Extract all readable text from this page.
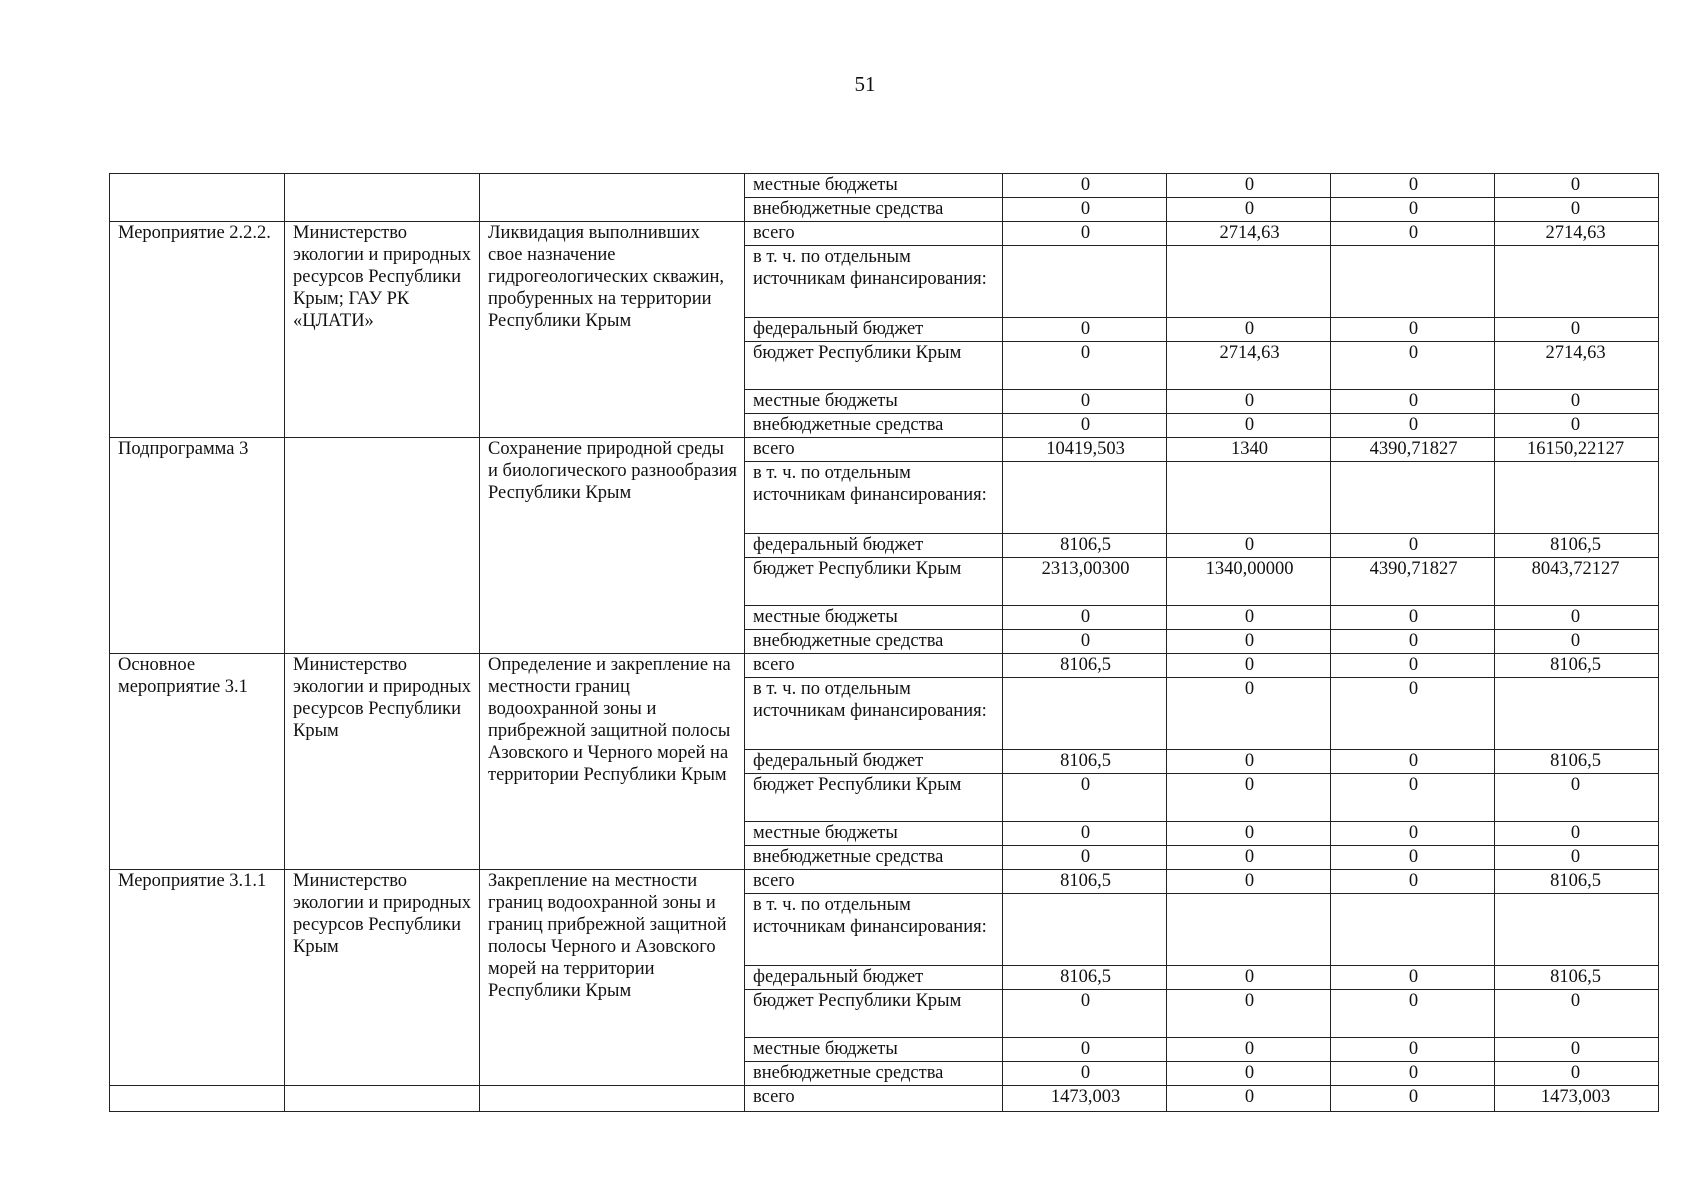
51
			местные бюджеты	0	0	0	0
			внебюджетные средства	0	0	0	0
Мероприятие 2.2.2.	Министерство экологии и природных ресурсов Республики Крым; ГАУ РК «ЦЛАТИ»	Ликвидация выполнивших свое назначение гидрогеологических скважин, пробуренных на территории Республики Крым	всего	0	2714,63	0	2714,63
			в т. ч. по отдельным источникам финансирования:				
			федеральный бюджет	0	0	0	0
			бюджет Республики Крым	0	2714,63	0	2714,63
			местные бюджеты	0	0	0	0
			внебюджетные средства	0	0	0	0
Подпрограмма 3		Сохранение природной среды и биологического разнообразия Республики Крым	всего	10419,503	1340	4390,71827	16150,22127
			в т. ч. по отдельным источникам финансирования:				
			федеральный бюджет	8106,5	0	0	8106,5
			бюджет Республики Крым	2313,00300	1340,00000	4390,71827	8043,72127
			местные бюджеты	0	0	0	0
			внебюджетные средства	0	0	0	0
Основное мероприятие 3.1	Министерство экологии и природных ресурсов Республики Крым	Определение и закрепление на местности границ водоохранной зоны и прибрежной защитной полосы Азовского и Черного морей на территории Республики Крым	всего	8106,5	0	0	8106,5
			в т. ч. по отдельным источникам финансирования:		0	0	
			федеральный бюджет	8106,5	0	0	8106,5
			бюджет Республики Крым	0	0	0	0
			местные бюджеты	0	0	0	0
			внебюджетные средства	0	0	0	0
Мероприятие 3.1.1	Министерство экологии и природных ресурсов Республики Крым	Закрепление на местности границ водоохранной зоны и границ прибрежной защитной полосы Черного и Азовского морей на территории Республики Крым	всего	8106,5	0	0	8106,5
			в т. ч. по отдельным источникам финансирования:				
			федеральный бюджет	8106,5	0	0	8106,5
			бюджет Республики Крым	0	0	0	0
			местные бюджеты	0	0	0	0
			внебюджетные средства	0	0	0	0
			всего	1473,003	0	0	1473,003
